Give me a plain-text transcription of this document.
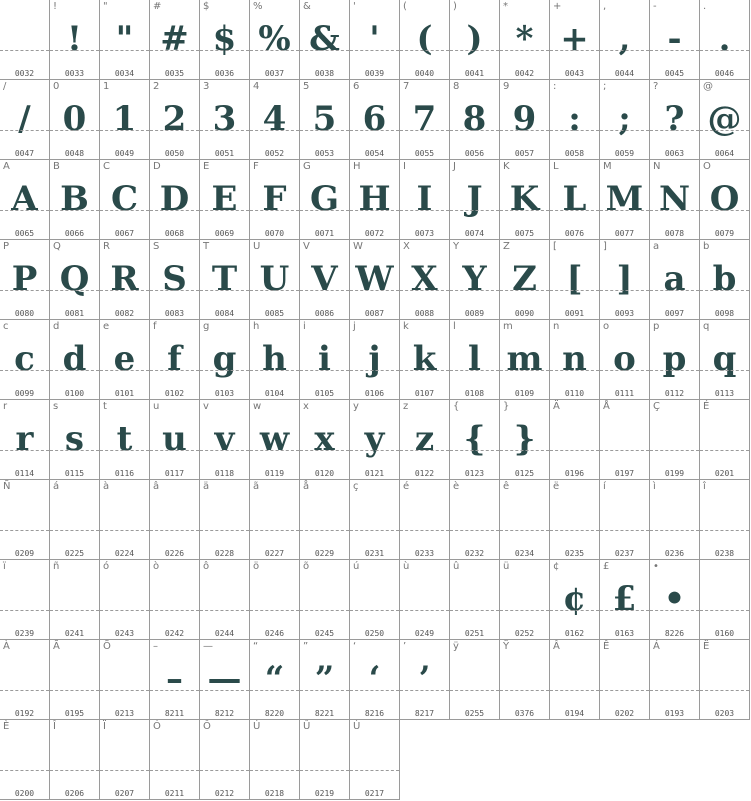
0032
!
!
0033
"
"
0034
#
#
0035
$
$
0036
%
%
0037
&
&
0038
'
'
0039
(
(
0040
)
)
0041
*
*
0042
+
+
0043
,
,
0044
-
-
0045
.
.
0046
/
/
0047
0
0
0048
1
1
0049
2
2
0050
3
3
0051
4
4
0052
5
5
0053
6
6
0054
7
7
0055
8
8
0056
9
9
0057
:
:
0058
;
;
0059
?
?
0063
@
@
0064
A
A
0065
B
B
0066
C
C
0067
D
D
0068
E
E
0069
F
F
0070
G
G
0071
H
H
0072
I
I
0073
J
J
0074
K
K
0075
L
L
0076
M
M
0077
N
N
0078
O
O
0079
P
P
0080
Q
Q
0081
R
R
0082
S
S
0083
T
T
0084
U
U
0085
V
V
0086
W
W
0087
X
X
0088
Y
Y
0089
Z
Z
0090
[
[
0091
]
]
0093
a
a
0097
b
b
0098
c
c
0099
d
d
0100
e
e
0101
f
f
0102
g
g
0103
h
h
0104
i
i
0105
j
j
0106
k
k
0107
l
l
0108
m
m
0109
n
n
0110
o
o
0111
p
p
0112
q
q
0113
r
r
0114
s
s
0115
t
t
0116
u
u
0117
v
v
0118
w
w
0119
x
x
0120
y
y
0121
z
z
0122
{
{
0123
}
}
0125
Ä
0196
Å
0197
Ç
0199
É
0201
Ñ
0209
á
0225
à
0224
â
0226
ä
0228
ã
0227
å
0229
ç
0231
é
0233
è
0232
ê
0234
ë
0235
í
0237
ì
0236
î
0238
ï
0239
ñ
0241
ó
0243
ò
0242
ô
0244
ö
0246
õ
0245
ú
0250
ù
0249
û
0251
ü
0252
¢
¢
0162
£
£
0163
•
•
8226	0160
À
0192
Ã
0195
Õ
0213
–
–
8211
—
—
8212
“
“
8220
”
”
8221
‘
‘
8216
’
’
8217
ÿ
0255
Ÿ
0376
Â
0194
Ê
0202
Á
0193
Ë
0203
È
0200
Î
0206
Ï
0207
Ó
0211
Ô
0212
Ú
0218
Û
0219
Ù
0217
